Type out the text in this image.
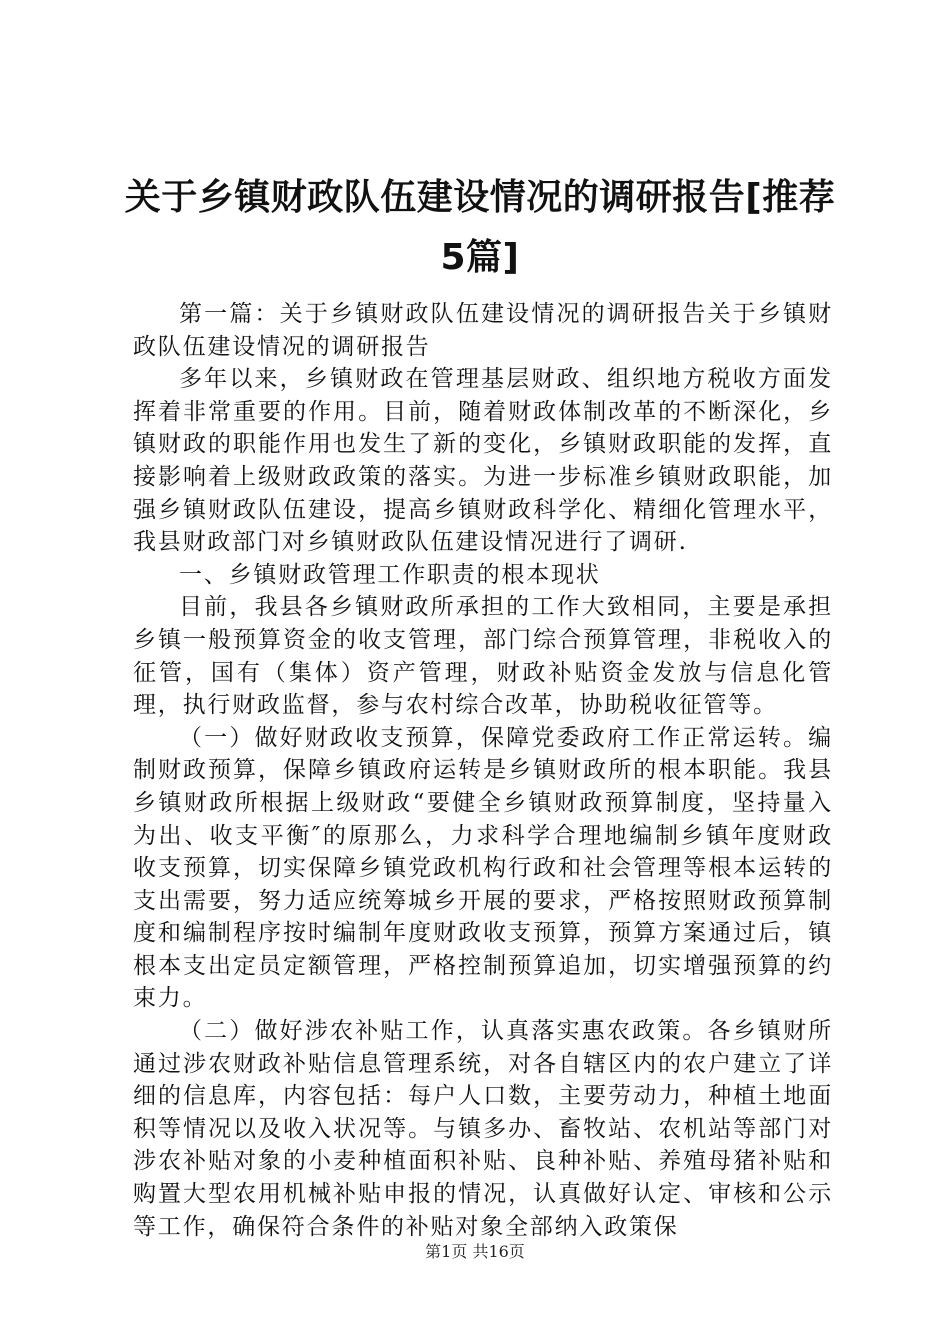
关于乡镇财政队伍建设情况的调研报告[推荐5篇]

第一篇：关于乡镇财政队伍建设情况的调研报告关于乡镇财政队伍建设情况的调研报告

多年以来，乡镇财政在管理基层财政、组织地方税收方面发挥着非常重要的作用。目前，随着财政体制改革的不断深化，乡镇财政的职能作用也发生了新的变化，乡镇财政职能的发挥，直接影响着上级财政政策的落实。为进一步标准乡镇财政职能，加强乡镇财政队伍建设，提高乡镇财政科学化、精细化管理水平，我县财政部门对乡镇财政队伍建设情况进行了调研.

一、乡镇财政管理工作职责的根本现状

目前，我县各乡镇财政所承担的工作大致相同，主要是承担乡镇一般预算资金的收支管理，部门综合预算管理，非税收入的征管，国有（集体）资产管理，财政补贴资金发放与信息化管理，执行财政监督，参与农村综合改革，协助税收征管等。

（一）做好财政收支预算，保障党委政府工作正常运转。编制财政预算，保障乡镇政府运转是乡镇财政所的根本职能。我县乡镇财政所根据上级财政“要健全乡镇财政预算制度，坚持量入为出、收支平衡″的原那么，力求科学合理地编制乡镇年度财政收支预算，切实保障乡镇党政机构行政和社会管理等根本运转的支出需要，努力适应统筹城乡开展的要求，严格按照财政预算制度和编制程序按时编制年度财政收支预算，预算方案通过后，镇根本支出定员定额管理，严格控制预算追加，切实增强预算的约束力。

（二）做好涉农补贴工作，认真落实惠农政策。各乡镇财所通过涉农财政补贴信息管理系统，对各自辖区内的农户建立了详细的信息库，内容包括：每户人口数，主要劳动力，种植土地面积等情况以及收入状况等。与镇多办、畜牧站、农机站等部门对涉农补贴对象的小麦种植面积补贴、良种补贴、养殖母猪补贴和购置大型农用机械补贴申报的情况，认真做好认定、审核和公示等工作，确保符合条件的补贴对象全部纳入政策保

第1页 共16页
